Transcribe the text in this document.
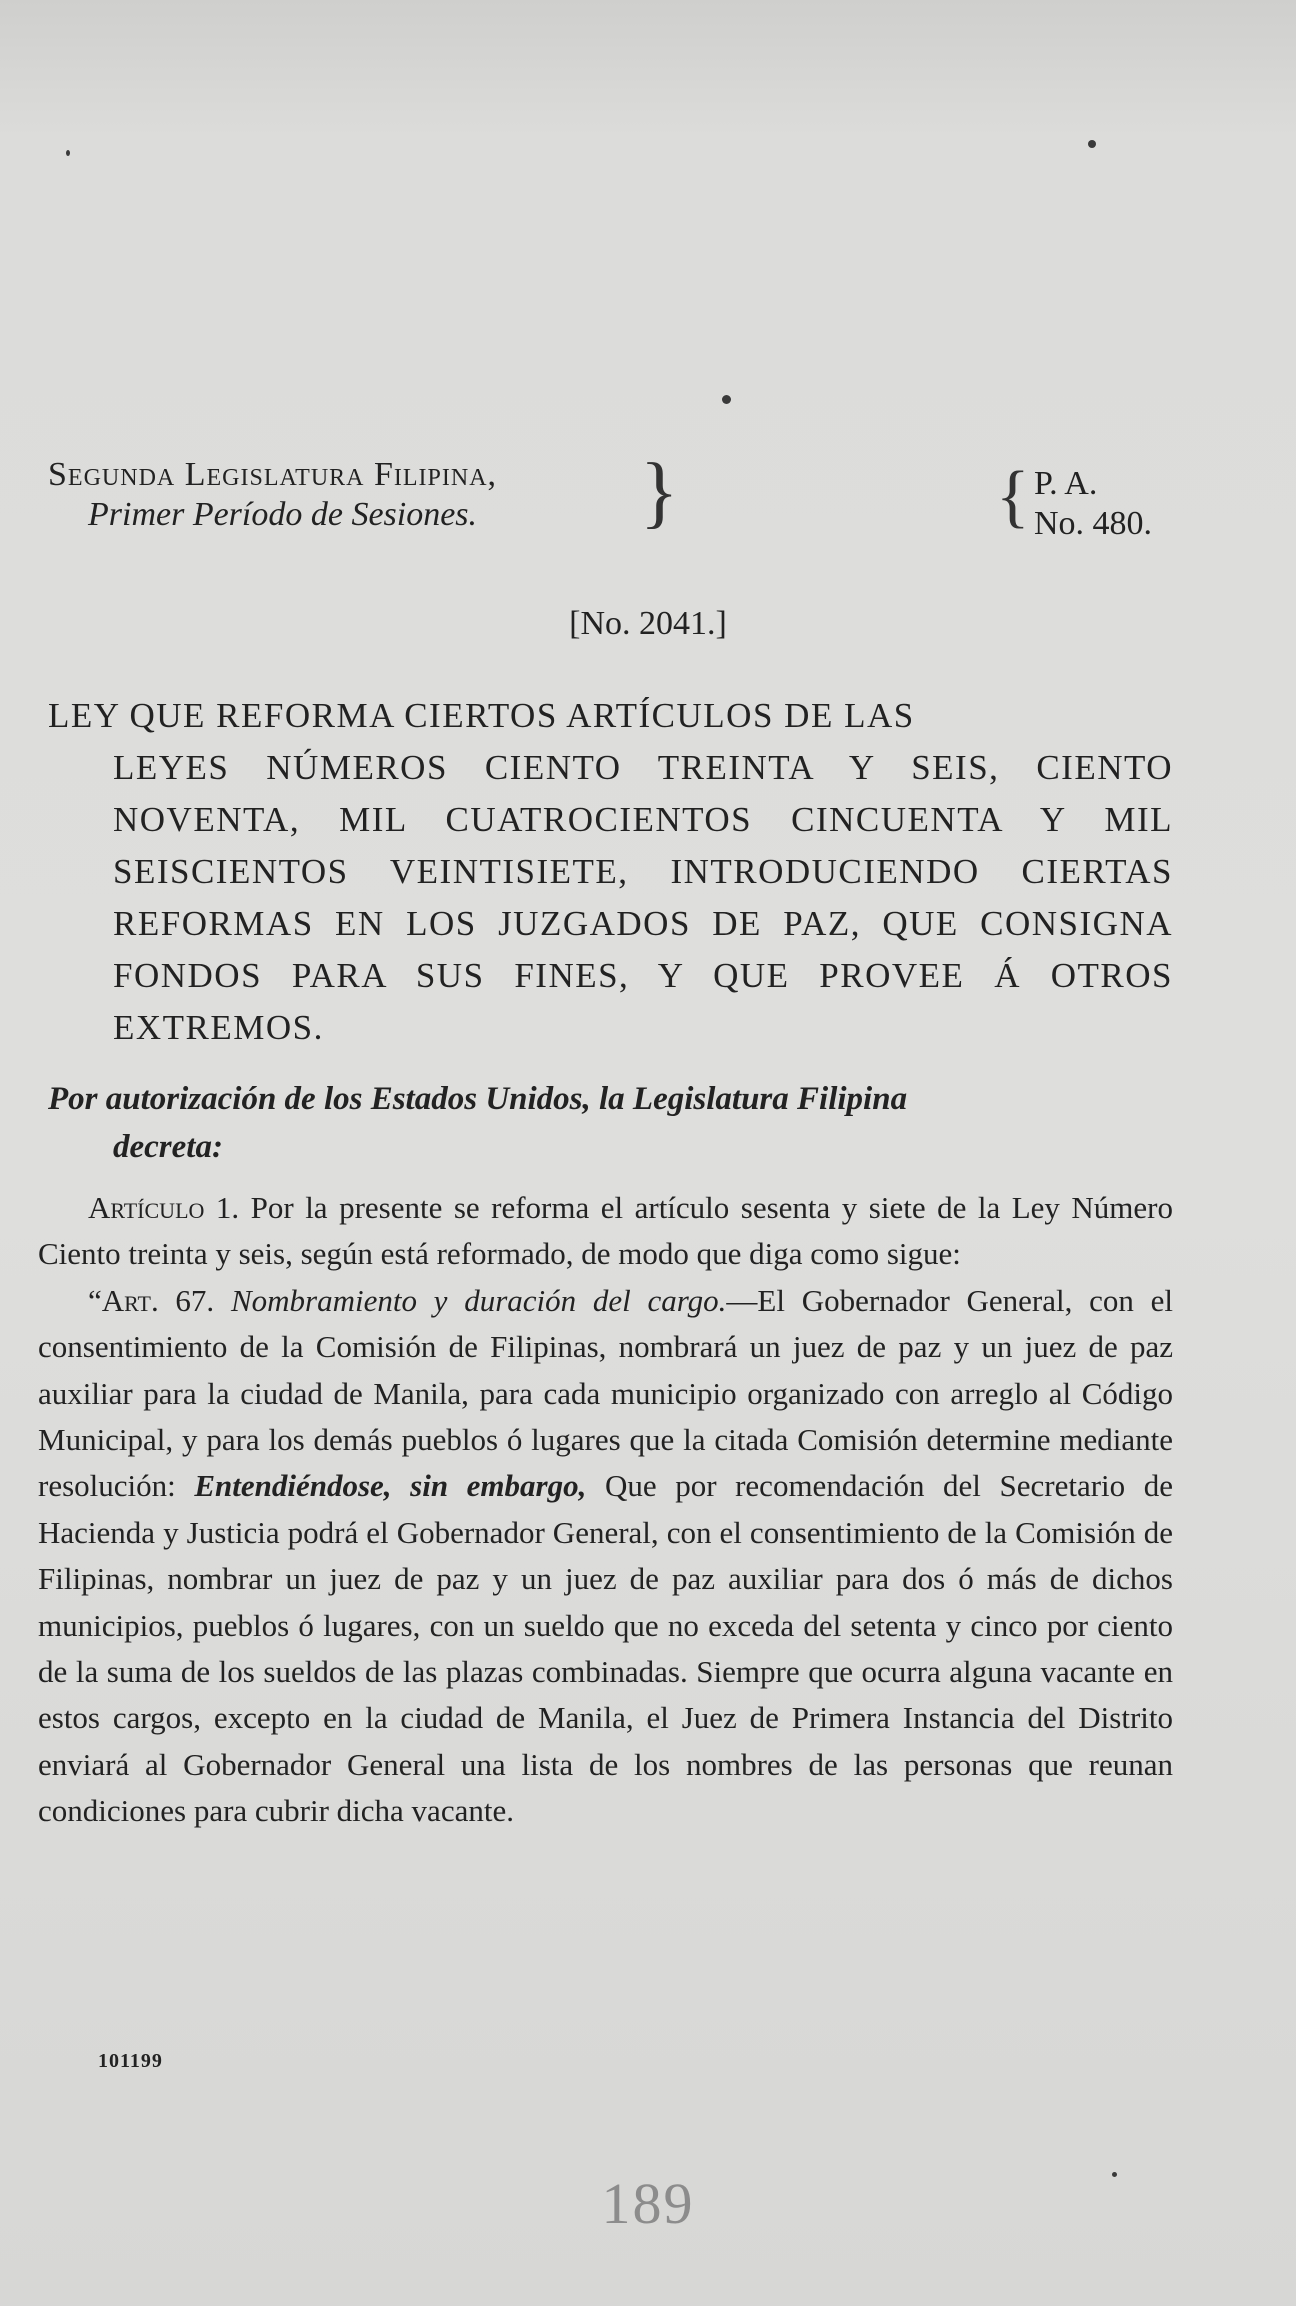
Segunda Legislatura Filipina,
Primer Período de Sesiones.	}	{ P. A.
No. 480.
[No. 2041.]
LEY QUE REFORMA CIERTOS ARTÍCULOS DE LAS
LEYES NÚMEROS CIENTO TREINTA Y SEIS, CIENTO NOVENTA, MIL CUATROCIENTOS CINCUENTA Y MIL SEISCIENTOS VEINTISIETE, INTRODUCIENDO CIERTAS REFORMAS EN LOS JUZGADOS DE PAZ, QUE CONSIGNA FONDOS PARA SUS FINES, Y QUE PROVEE Á OTROS EXTREMOS.
Por autorización de los Estados Unidos, la Legislatura Filipina
decreta:

Artículo 1. Por la presente se reforma el artículo sesenta y siete de la Ley Número Ciento treinta y seis, según está reformado, de modo que diga como sigue:

“Art. 67. Nombramiento y duración del cargo.—El Gobernador General, con el consentimiento de la Comisión de Filipinas, nombrará un juez de paz y un juez de paz auxiliar para la ciudad de Manila, para cada municipio organizado con arreglo al Código Municipal, y para los demás pueblos ó lugares que la citada Comisión determine mediante resolución: Entendiéndose, sin embargo, Que por recomendación del Secretario de Hacienda y Justicia podrá el Gobernador General, con el consentimiento de la Comisión de Filipinas, nombrar un juez de paz y un juez de paz auxiliar para dos ó más de dichos municipios, pueblos ó lugares, con un sueldo que no exceda del setenta y cinco por ciento de la suma de los sueldos de las plazas combinadas. Siempre que ocurra alguna vacante en estos cargos, excepto en la ciudad de Manila, el Juez de Primera Instancia del Distrito enviará al Gobernador General una lista de los nombres de las personas que reunan condiciones para cubrir dicha vacante.

101199
189
